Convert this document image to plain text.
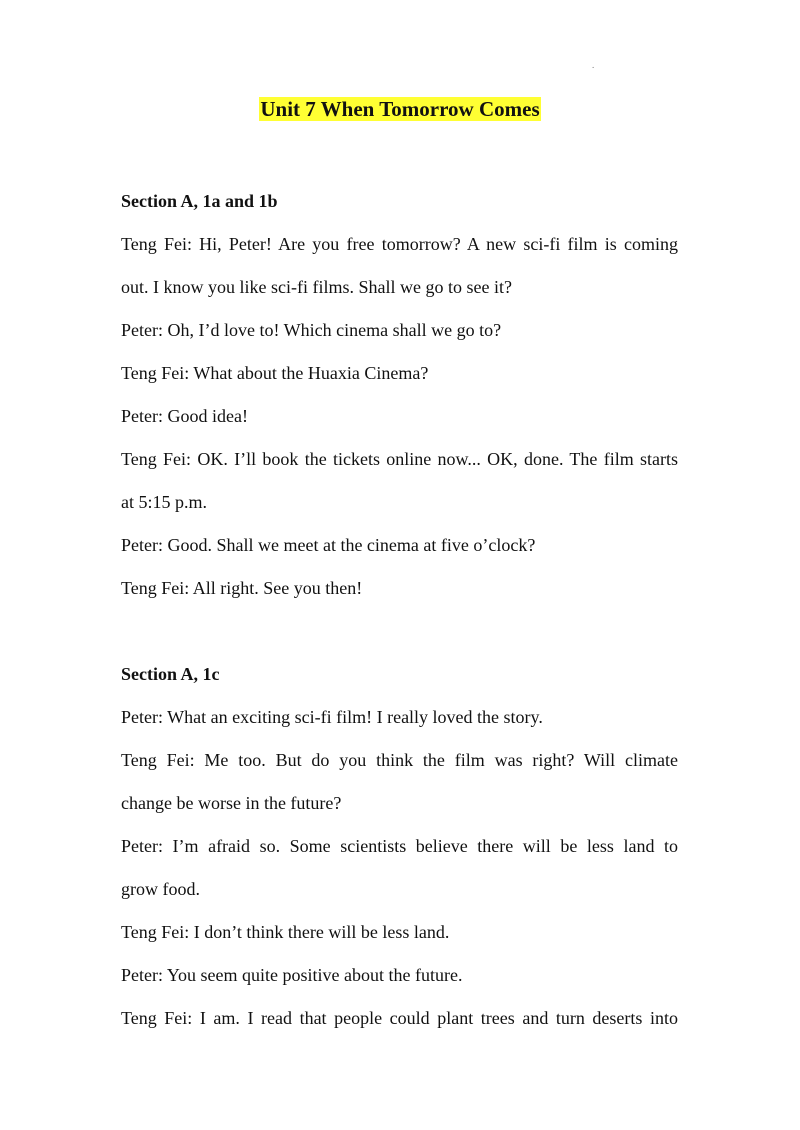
.
Unit 7 When Tomorrow Comes
Section A, 1a and 1b
Teng Fei: Hi, Peter! Are you free tomorrow? A new sci-fi film is coming
out. I know you like sci-fi films. Shall we go to see it?
Peter: Oh, I’d love to! Which cinema shall we go to?
Teng Fei: What about the Huaxia Cinema?
Peter: Good idea!
Teng Fei: OK. I’ll book the tickets online now... OK, done. The film starts
at 5:15 p.m.
Peter: Good. Shall we meet at the cinema at five o’clock?
Teng Fei: All right. See you then!
Section A, 1c
Peter: What an exciting sci-fi film! I really loved the story.
Teng Fei: Me too. But do you think the film was right? Will climate
change be worse in the future?
Peter: I’m afraid so. Some scientists believe there will be less land to
grow food.
Teng Fei: I don’t think there will be less land.
Peter: You seem quite positive about the future.
Teng Fei: I am. I read that people could plant trees and turn deserts into
